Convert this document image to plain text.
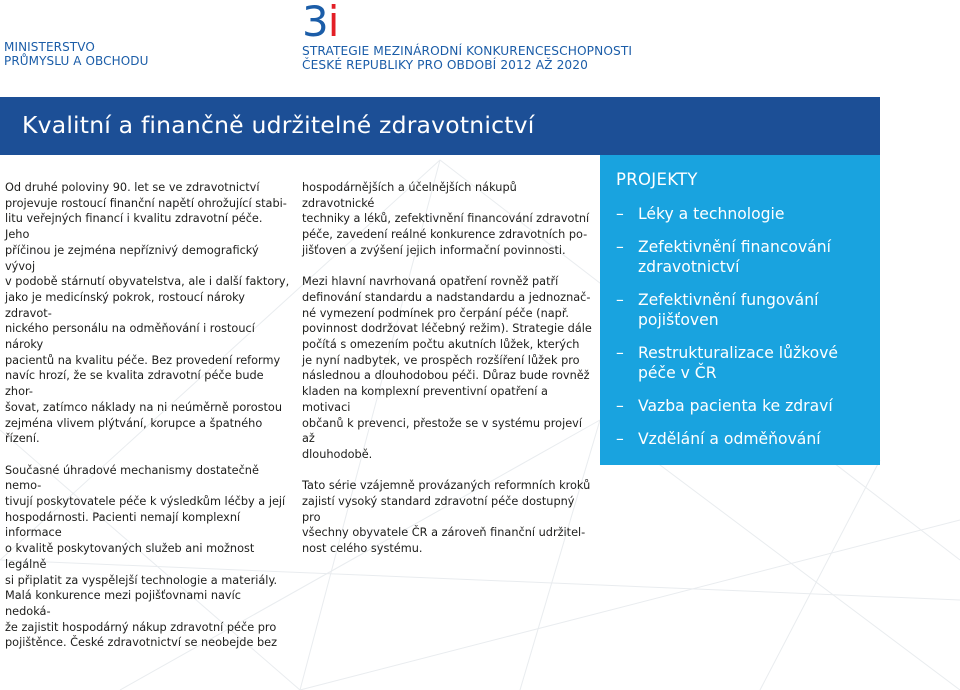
MINISTERSTVO
PRŮMYSLU A OBCHODU
3i
STRATEGIE MEZINÁRODNÍ KONKURENCESCHOPNOSTI
ČESKÉ REPUBLIKY PRO OBDOBÍ 2012 AŽ 2020
Kvalitní a finančně udržitelné zdravotnictví

Od druhé poloviny 90. let se ve zdravotnictví
projevuje rostoucí finanční napětí ohrožující stabi-
litu veřejných financí i kvalitu zdravotní péče. Jeho
příčinou je zejména nepříznivý demografický vývoj
v podobě stárnutí obyvatelstva, ale i další faktory,
jako je medicínský pokrok, rostoucí nároky zdravot-
nického personálu na odměňování i rostoucí nároky
pacientů na kvalitu péče. Bez provedení reformy
navíc hrozí, že se kvalita zdravotní péče bude zhor-
šovat, zatímco náklady na ni neúměrně porostou
zejména vlivem plýtvání, korupce a špatného řízení.

Současné úhradové mechanismy dostatečně nemo-
tivují poskytovatele péče k výsledkům léčby a její
hospodárnosti. Pacienti nemají komplexní informace
o kvalitě poskytovaných služeb ani možnost legálně
si připlatit za vyspělejší technologie a materiály.
Malá konkurence mezi pojišťovnami navíc nedoká-
že zajistit hospodárný nákup zdravotní péče pro
pojištěnce. České zdravotnictví se neobejde bez

hospodárnějších a účelnějších nákupů zdravotnické
techniky a léků, zefektivnění financování zdravotní
péče, zavedení reálné konkurence zdravotních po-
jišťoven a zvýšení jejich informační povinnosti.

Mezi hlavní navrhovaná opatření rovněž patří
definování standardu a nadstandardu a jednoznač-
né vymezení podmínek pro čerpání péče (např.
povinnost dodržovat léčebný režim). Strategie dále
počítá s omezením počtu akutních lůžek, kterých
je nyní nadbytek, ve prospěch rozšíření lůžek pro
následnou a dlouhodobou péči. Důraz bude rovněž
kladen na komplexní preventivní opatření a motivaci
občanů k prevenci, přestože se v systému projeví až
dlouhodobě.

Tato série vzájemně provázaných reformních kroků
zajistí vysoký standard zdravotní péče dostupný pro
všechny obyvatele ČR a zároveň finanční udržitel-
nost celého systému.

PROJEKTY
– Léky a technologie
– Zefektivnění financování
zdravotnictví
– Zefektivnění fungování
pojišťoven
– Restrukturalizace lůžkové
péče v ČR
– Vazba pacienta ke zdraví
– Vzdělání a odměňování
